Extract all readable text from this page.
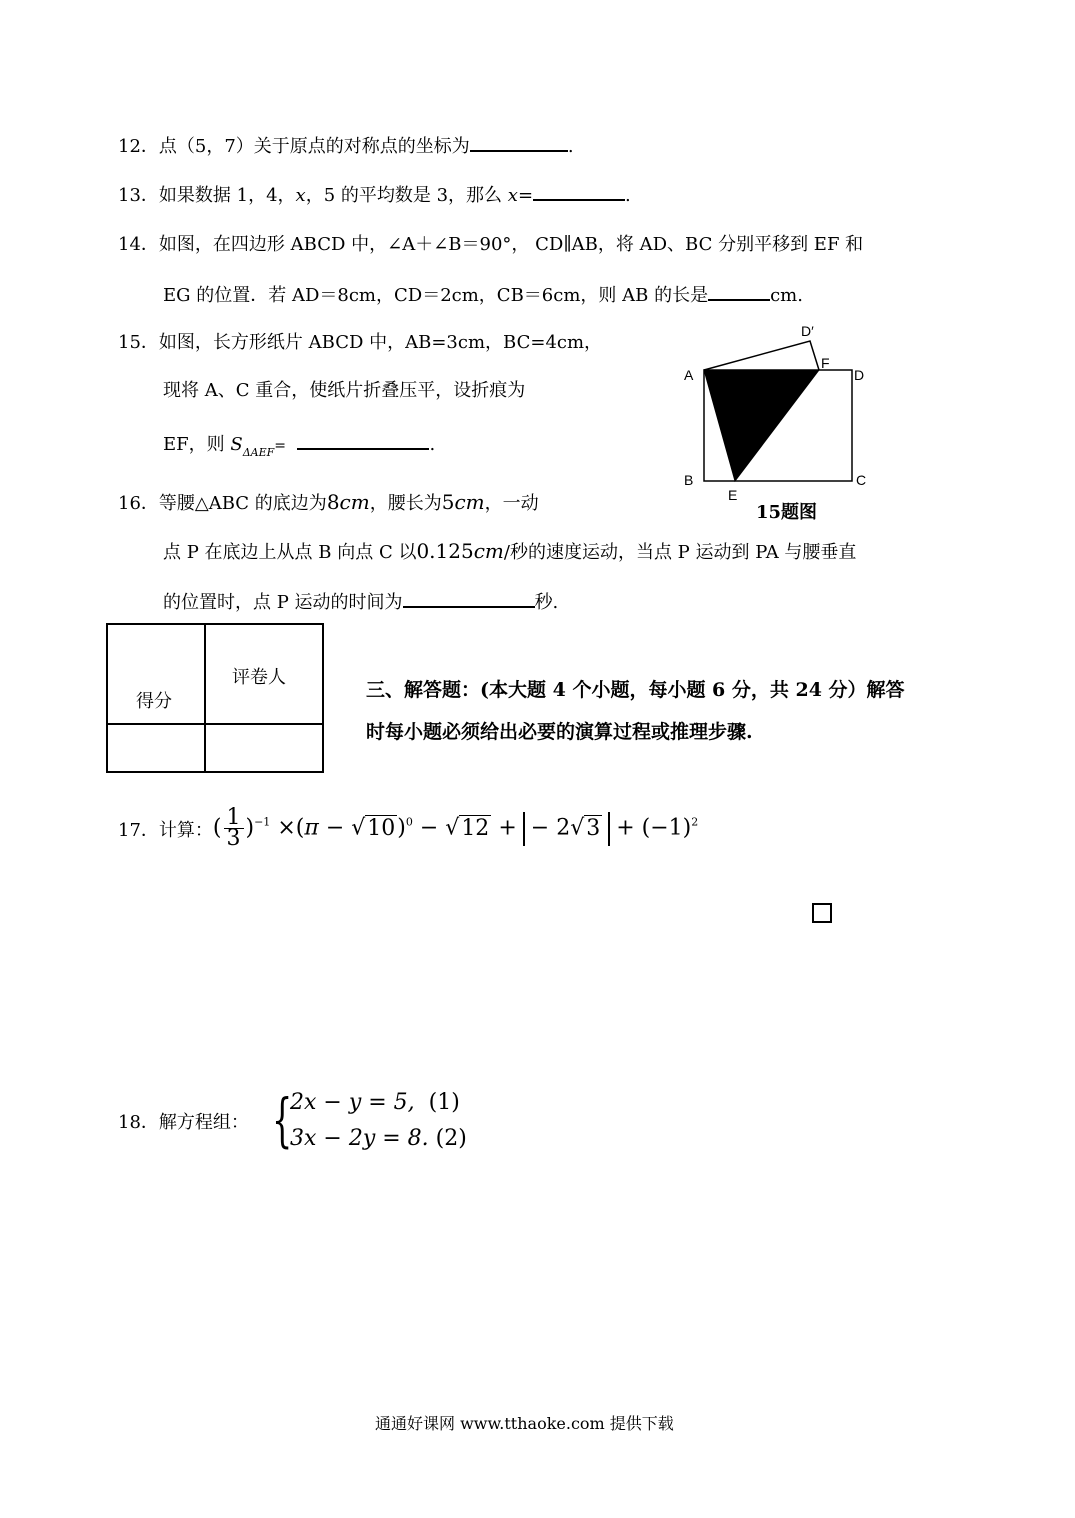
12．点（5，7）关于原点的对称点的坐标为	.
13．如果数据 1，4，x，5 的平均数是 3，那么 x=	.
14．如图，在四边形 ABCD 中，∠A＋∠B＝90°， CD∥AB，将 AD、BC 分别平移到 EF 和
EG 的位置．若 AD＝8cm，CD＝2cm，CB＝6cm，则 AB 的长是	cm.
15．如图，长方形纸片 ABCD 中，AB=3cm，BC=4cm，
现将 A、C 重合，使纸片折叠压平，设折痕为
EF，则 $S_{\Delta AEF}=$	.
A
B	C
D
E
F
D′
15题图
16．等腰△ABC 的底边为8cm，腰长为5cm，一动
点 P 在底边上从点 B 向点 C 以0.125cm/秒的速度运动，当点 P 运动到 PA 与腰垂直
的位置时，点 P 运动的时间为	秒.
得分
评卷人
三、解答题：(本大题 4 个小题，每小题 6 分，共 24 分）解答
时每小题必须给出必要的演算过程或推理步骤.
17． 计算： ( $\frac{1}{3} )^{-1} \times(\pi - √10)^0 - √12$ + − $2√3 + (-1)^2$
18．解方程组： {
2x − y = 5, (1)
3x − 2y = 8. (2)
通通好课网 www.tthaoke.com 提供下载
